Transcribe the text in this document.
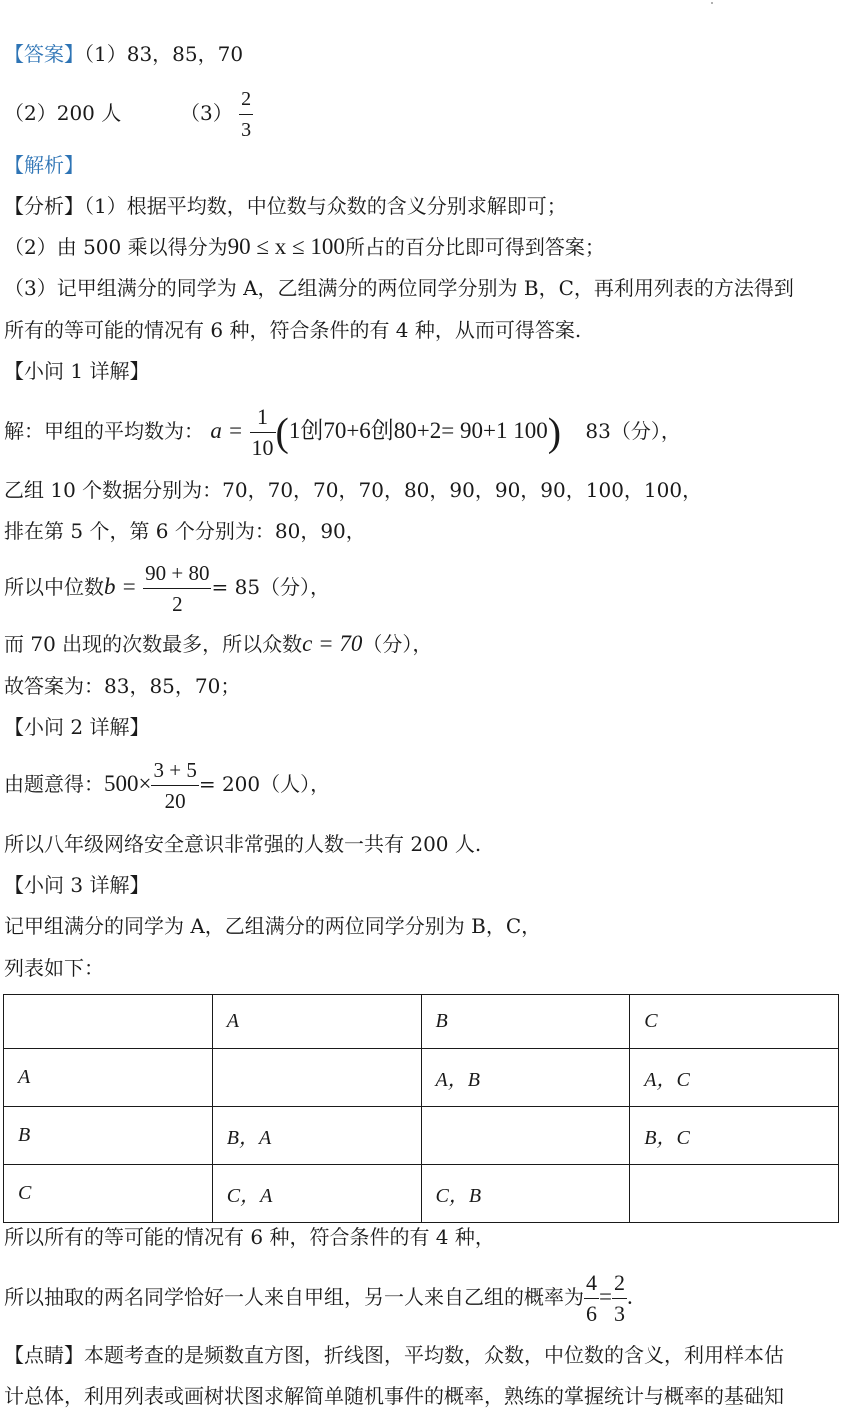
【答案】（1）83，85，70
（2）200 人	$(3) \frac{2}{3}$
【解析】
【分析】（1）根据平均数，中位数与众数的含义分别求解即可；
（2）由 500 乘以得分为90 ≤ x ≤ 100所占的百分比即可得到答案；
（3）记甲组满分的同学为 A，乙组满分的两位同学分别为 B，C，再利用列表的方法得到
所有的等可能的情况有 6 种，符合条件的有 4 种，从而可得答案.
【小问 1 详解】
解：甲组的平均数为： $a = \frac{1}{10} (1$创70+6创80+2= 90+1 100) 83（分），
乙组 10 个数据分别为：70，70，70，70，80，90，90，90，100，100，
排在第 5 个，第 6 个分别为：80，90，
所以中位数$b = \frac{90 + 80}{2} = 85$（分），
而 70 出现的次数最多，所以众数c = 70（分），
故答案为：83，85，70；
【小问 2 详解】
由题意得：$500\times \frac{3 + 5}{20} = 200$（人），
所以八年级网络安全意识非常强的人数一共有 200 人.
【小问 3 详解】
记甲组满分的同学为 A，乙组满分的两位同学分别为 B，C，
列表如下：
	A	B	C
A		A，B	A，C
B	B，A		B，C
C	C，A	C，B	
所以所有的等可能的情况有 6 种，符合条件的有 4 种，
所以抽取的两名同学恰好一人来自甲组，另一人来自乙组的概率为 $\frac{4}{6} = \frac{2}{3}$ .
【点睛】本题考查的是频数直方图，折线图，平均数，众数，中位数的含义，利用样本估
计总体，利用列表或画树状图求解简单随机事件的概率，熟练的掌握统计与概率的基础知
